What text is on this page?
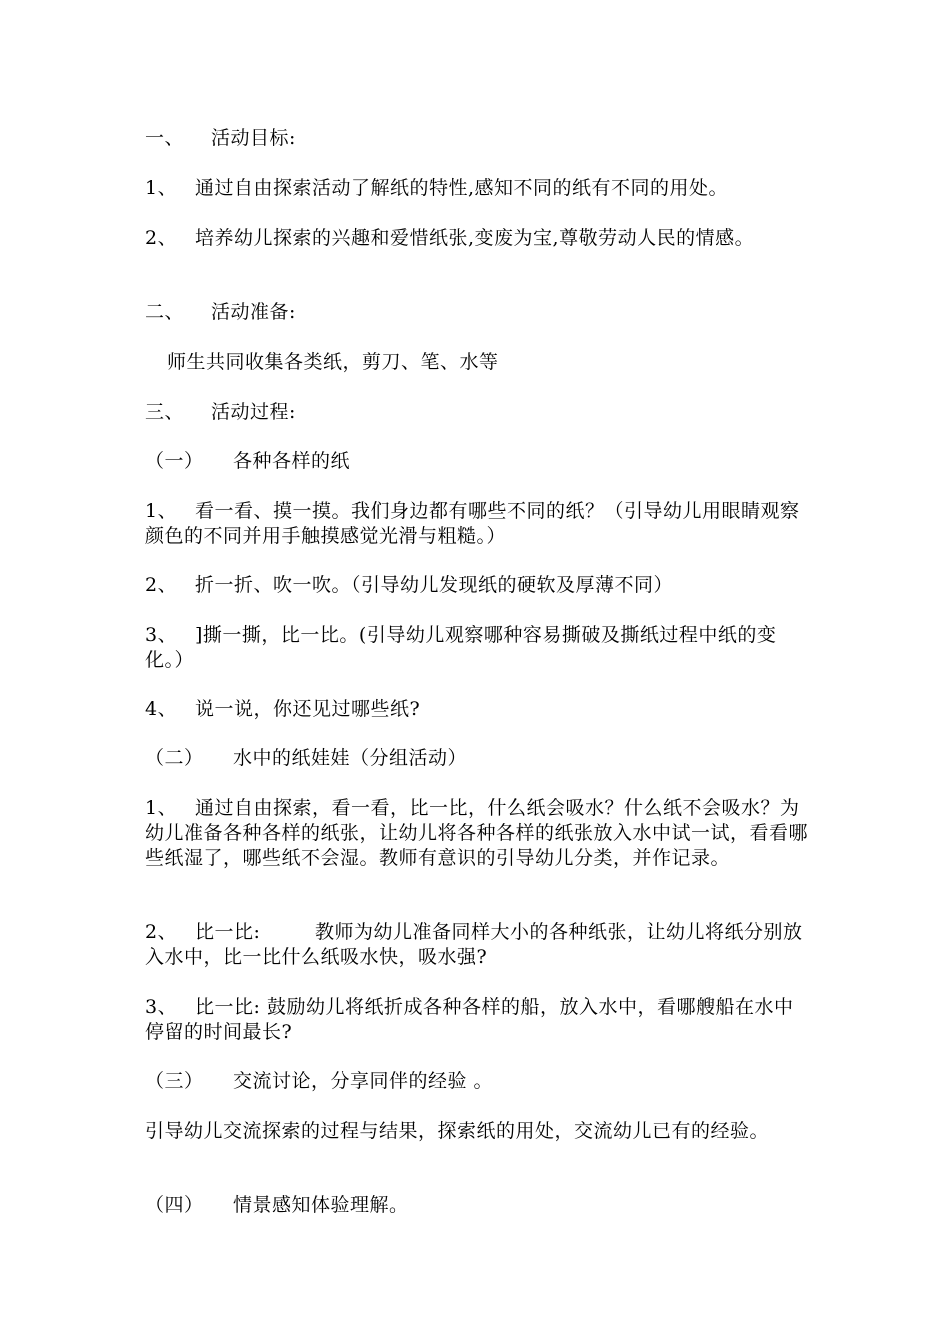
一、 活动目标:

1、 通过自由探索活动了解纸的特性,感知不同的纸有不同的用处。

2、 培养幼儿探索的兴趣和爱惜纸张,变废为宝,尊敬劳动人民的情感。

二、 活动准备:

师生共同收集各类纸，剪刀、笔、水等

三、 活动过程:

（一） 各种各样的纸

1、 看一看、摸一摸。我们身边都有哪些不同的纸？（引导幼儿用眼睛观察颜色的不同并用手触摸感觉光滑与粗糙。）

2、 折一折、吹一吹。（引导幼儿发现纸的硬软及厚薄不同）

3、 ]撕一撕，比一比。(引导幼儿观察哪种容易撕破及撕纸过程中纸的变化。）

4、 说一说，你还见过哪些纸?

（二） 水中的纸娃娃（分组活动）

1、 通过自由探索，看一看，比一比，什么纸会吸水？什么纸不会吸水？为幼儿准备各种各样的纸张，让幼儿将各种各样的纸张放入水中试一试，看看哪些纸湿了，哪些纸不会湿。教师有意识的引导幼儿分类，并作记录。

2、 比一比:	教师为幼儿准备同样大小的各种纸张，让幼儿将纸分别放入水中，比一比什么纸吸水快，吸水强?

3、 比一比: 鼓励幼儿将纸折成各种各样的船，放入水中，看哪艘船在水中停留的时间最长?

（三） 交流讨论，分享同伴的经验 。

引导幼儿交流探索的过程与结果，探索纸的用处，交流幼儿已有的经验。

（四） 情景感知体验理解。
